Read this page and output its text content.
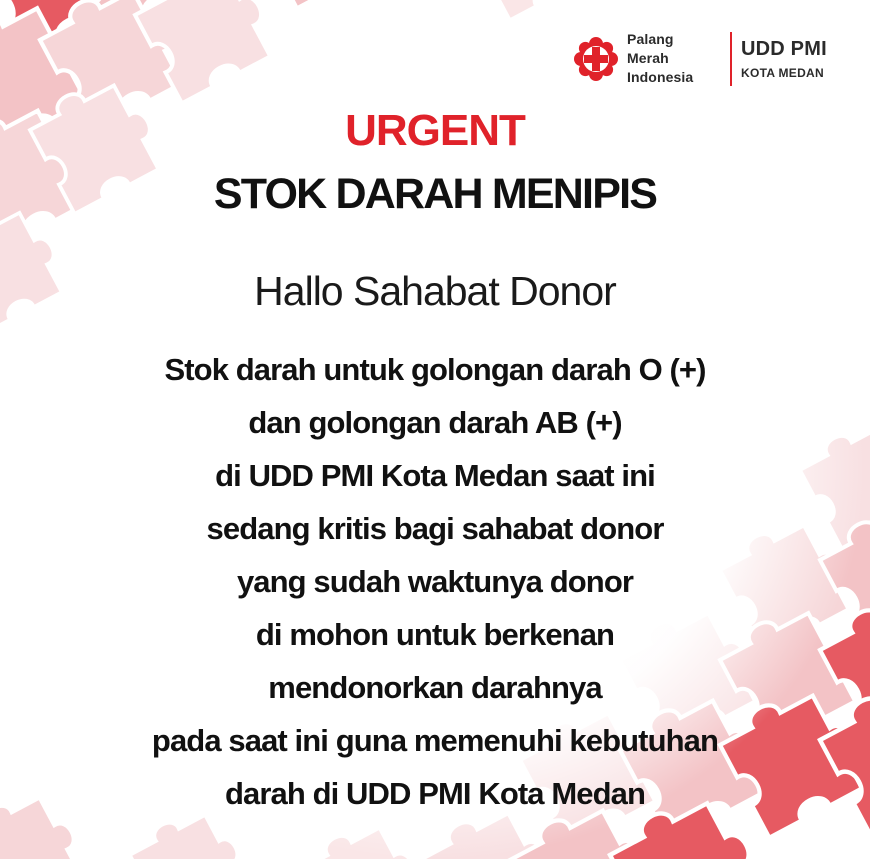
Palang
Merah
Indonesia
UDD PMI
KOTA MEDAN
URGENT
STOK DARAH MENIPIS
Hallo Sahabat Donor
Stok darah untuk golongan darah O (+)
dan golongan darah AB (+)
di UDD PMI Kota Medan saat ini
sedang kritis bagi sahabat donor
yang sudah waktunya donor
di mohon untuk berkenan
mendonorkan darahnya
pada saat ini guna memenuhi kebutuhan
darah di UDD PMI Kota Medan
